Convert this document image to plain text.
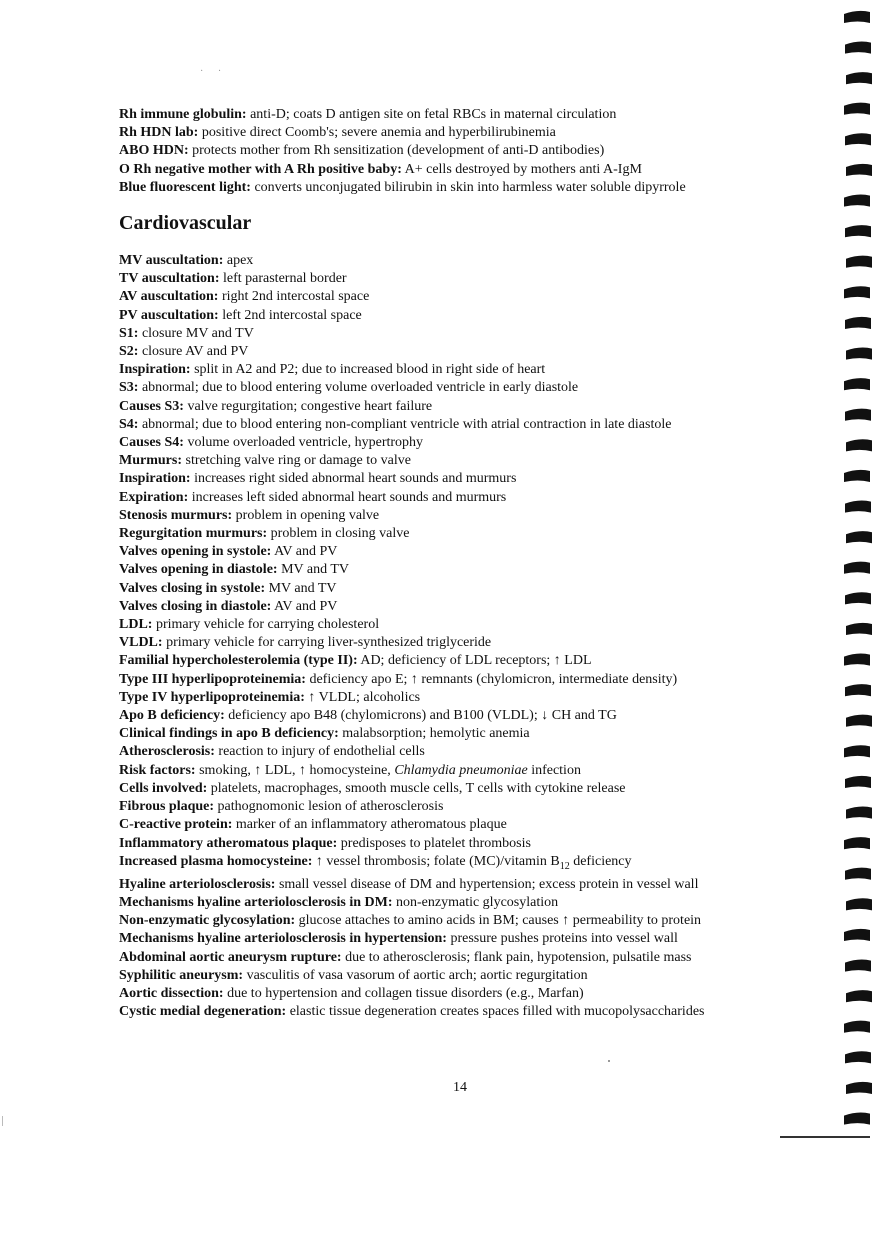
· ·
Rh immune globulin: anti-D; coats D antigen site on fetal RBCs in maternal circulation
Rh HDN lab: positive direct Coomb's; severe anemia and hyperbilirubinemia
ABO HDN: protects mother from Rh sensitization (development of anti-D antibodies)
O Rh negative mother with A Rh positive baby: A+ cells destroyed by mothers anti A-IgM
Blue fluorescent light: converts unconjugated bilirubin in skin into harmless water soluble dipyrrole
Cardiovascular
MV auscultation: apex
TV auscultation: left parasternal border
AV auscultation: right 2nd intercostal space
PV auscultation: left 2nd intercostal space
S1: closure MV and TV
S2: closure AV and PV
Inspiration: split in A2 and P2; due to increased blood in right side of heart
S3: abnormal; due to blood entering volume overloaded ventricle in early diastole
Causes S3: valve regurgitation; congestive heart failure
S4: abnormal; due to blood entering non-compliant ventricle with atrial contraction in late diastole
Causes S4: volume overloaded ventricle, hypertrophy
Murmurs: stretching valve ring or damage to valve
Inspiration: increases right sided abnormal heart sounds and murmurs
Expiration: increases left sided abnormal heart sounds and murmurs
Stenosis murmurs: problem in opening valve
Regurgitation murmurs: problem in closing valve
Valves opening in systole: AV and PV
Valves opening in diastole: MV and TV
Valves closing in systole: MV and TV
Valves closing in diastole: AV and PV
LDL: primary vehicle for carrying cholesterol
VLDL: primary vehicle for carrying liver-synthesized triglyceride
Familial hypercholesterolemia (type II): AD; deficiency of LDL receptors; ↑ LDL
Type III hyperlipoproteinemia: deficiency apo E; ↑ remnants (chylomicron, intermediate density)
Type IV hyperlipoproteinemia: ↑ VLDL; alcoholics
Apo B deficiency: deficiency apo B48 (chylomicrons) and B100 (VLDL); ↓ CH and TG
Clinical findings in apo B deficiency: malabsorption; hemolytic anemia
Atherosclerosis: reaction to injury of endothelial cells
Risk factors: smoking, ↑ LDL, ↑ homocysteine, Chlamydia pneumoniae infection
Cells involved: platelets, macrophages, smooth muscle cells, T cells with cytokine release
Fibrous plaque: pathognomonic lesion of atherosclerosis
C-reactive protein: marker of an inflammatory atheromatous plaque
Inflammatory atheromatous plaque: predisposes to platelet thrombosis
Increased plasma homocysteine: ↑ vessel thrombosis; folate (MC)/vitamin $B_{12}$ deficiency
Hyaline arteriolosclerosis: small vessel disease of DM and hypertension; excess protein in vessel wall
Mechanisms hyaline arteriolosclerosis in DM: non-enzymatic glycosylation
Non-enzymatic glycosylation: glucose attaches to amino acids in BM; causes ↑ permeability to protein
Mechanisms hyaline arteriolosclerosis in hypertension: pressure pushes proteins into vessel wall
Abdominal aortic aneurysm rupture: due to atherosclerosis; flank pain, hypotension, pulsatile mass
Syphilitic aneurysm: vasculitis of vasa vasorum of aortic arch; aortic regurgitation
Aortic dissection: due to hypertension and collagen tissue disorders (e.g., Marfan)
Cystic medial degeneration: elastic tissue degeneration creates spaces filled with mucopolysaccharides
14
